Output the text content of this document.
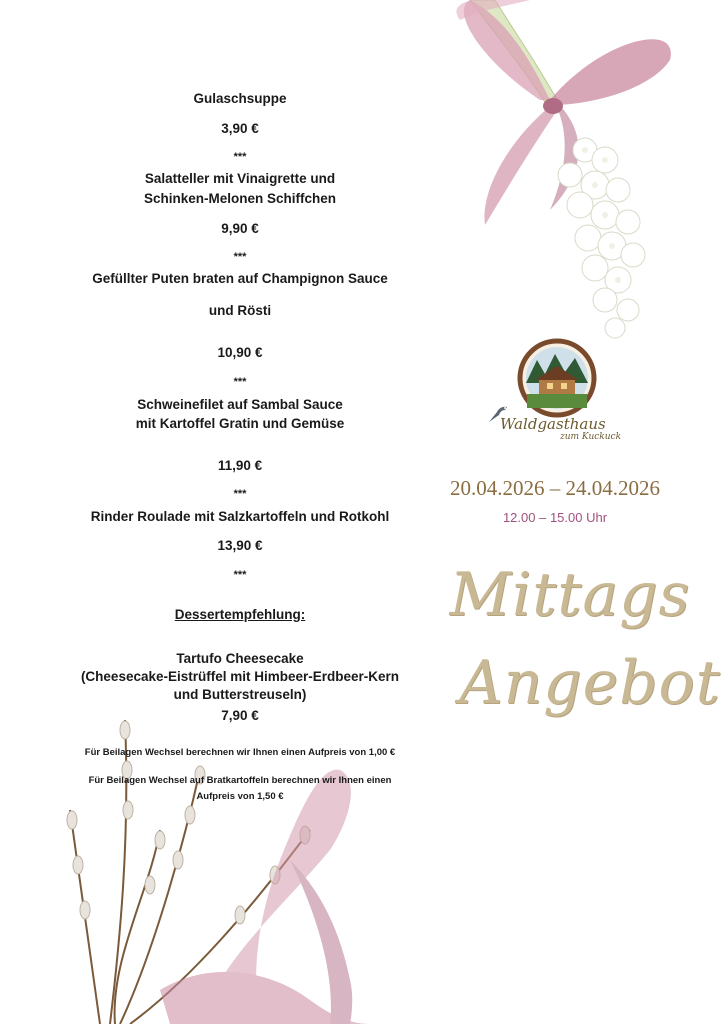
Waldgasthaus
zum Kuckuck
20.04.2026 – 24.04.2026
12.00 – 15.00 Uhr
Mittags
Angebot
Gulaschsuppe
3,90 €
***
Salatteller mit Vinaigrette und
Schinken-Melonen Schiffchen
9,90 €
***
Gefüllter Puten braten auf Champignon Sauce
und Rösti
10,90 €
***
Schweinefilet auf Sambal Sauce
mit Kartoffel Gratin und Gemüse
11,90 €
***
Rinder Roulade mit Salzkartoffeln und Rotkohl
13,90 €
***
Dessertempfehlung:
Tartufo Cheesecake
(Cheesecake-Eistrüffel mit Himbeer-Erdbeer-Kern
und Butterstreuseln)
7,90 €
Für Beilagen Wechsel berechnen wir Ihnen einen Aufpreis von 1,00 €
Für Beilagen Wechsel auf Bratkartoffeln berechnen wir Ihnen einen
Aufpreis von 1,50 €
